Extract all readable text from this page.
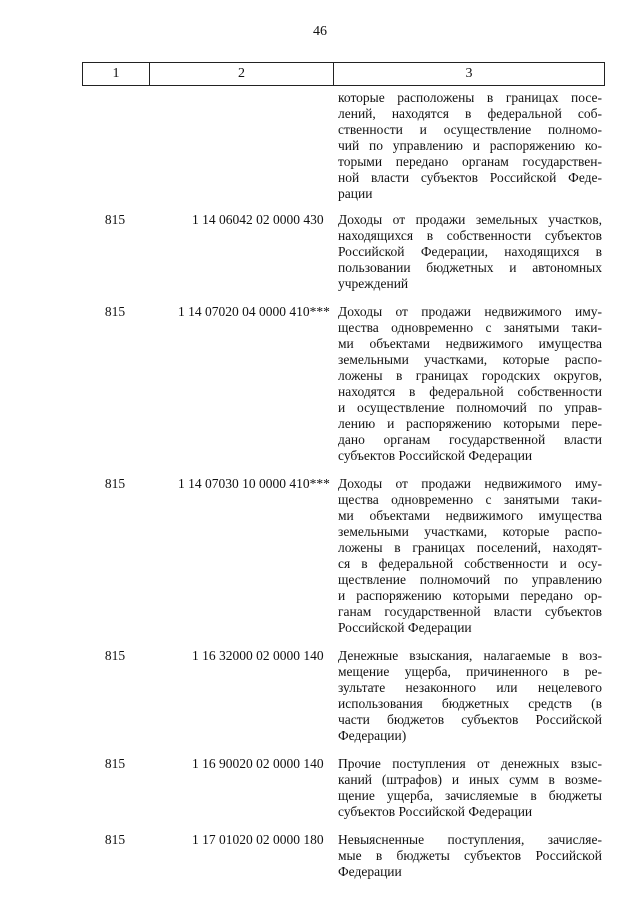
46
1	2	3
которые расположены в границах посе-
лений, находятся в федеральной соб-
ственности и осуществление полномо-
чий по управлению и распоряжению ко-
торыми передано органам государствен-
ной власти субъектов Российской Феде-
рации
815	1 14 06042 02 0000 430	Доходы от продажи земельных участков,
находящихся в собственности субъектов
Российской Федерации, находящихся в
пользовании бюджетных и автономных
учреждений
815	1 14 07020 04 0000 410*** Доходы от продажи недвижимого иму-
щества одновременно с занятыми таки-
ми объектами недвижимого имущества
земельными участками, которые распо-
ложены в границах городских округов,
находятся в федеральной собственности
и осуществление полномочий по управ-
лению и распоряжению которыми пере-
дано органам государственной власти
субъектов Российской Федерации
815	1 14 07030 10 0000 410*** Доходы от продажи недвижимого иму-
щества одновременно с занятыми таки-
ми объектами недвижимого имущества
земельными участками, которые распо-
ложены в границах поселений, находят-
ся в федеральной собственности и осу-
ществление полномочий по управлению
и распоряжению которыми передано ор-
ганам государственной власти субъектов
Российской Федерации
815	1 16 32000 02 0000 140	Денежные взыскания, налагаемые в воз-
мещение ущерба, причиненного в ре-
зультате незаконного или нецелевого
использования бюджетных средств (в
части бюджетов субъектов Российской
Федерации)
815	1 16 90020 02 0000 140	Прочие поступления от денежных взыс-
каний (штрафов) и иных сумм в возме-
щение ущерба, зачисляемые в бюджеты
субъектов Российской Федерации
815	1 17 01020 02 0000 180	Невыясненные поступления, зачисляе-
мые в бюджеты субъектов Российской
Федерации
